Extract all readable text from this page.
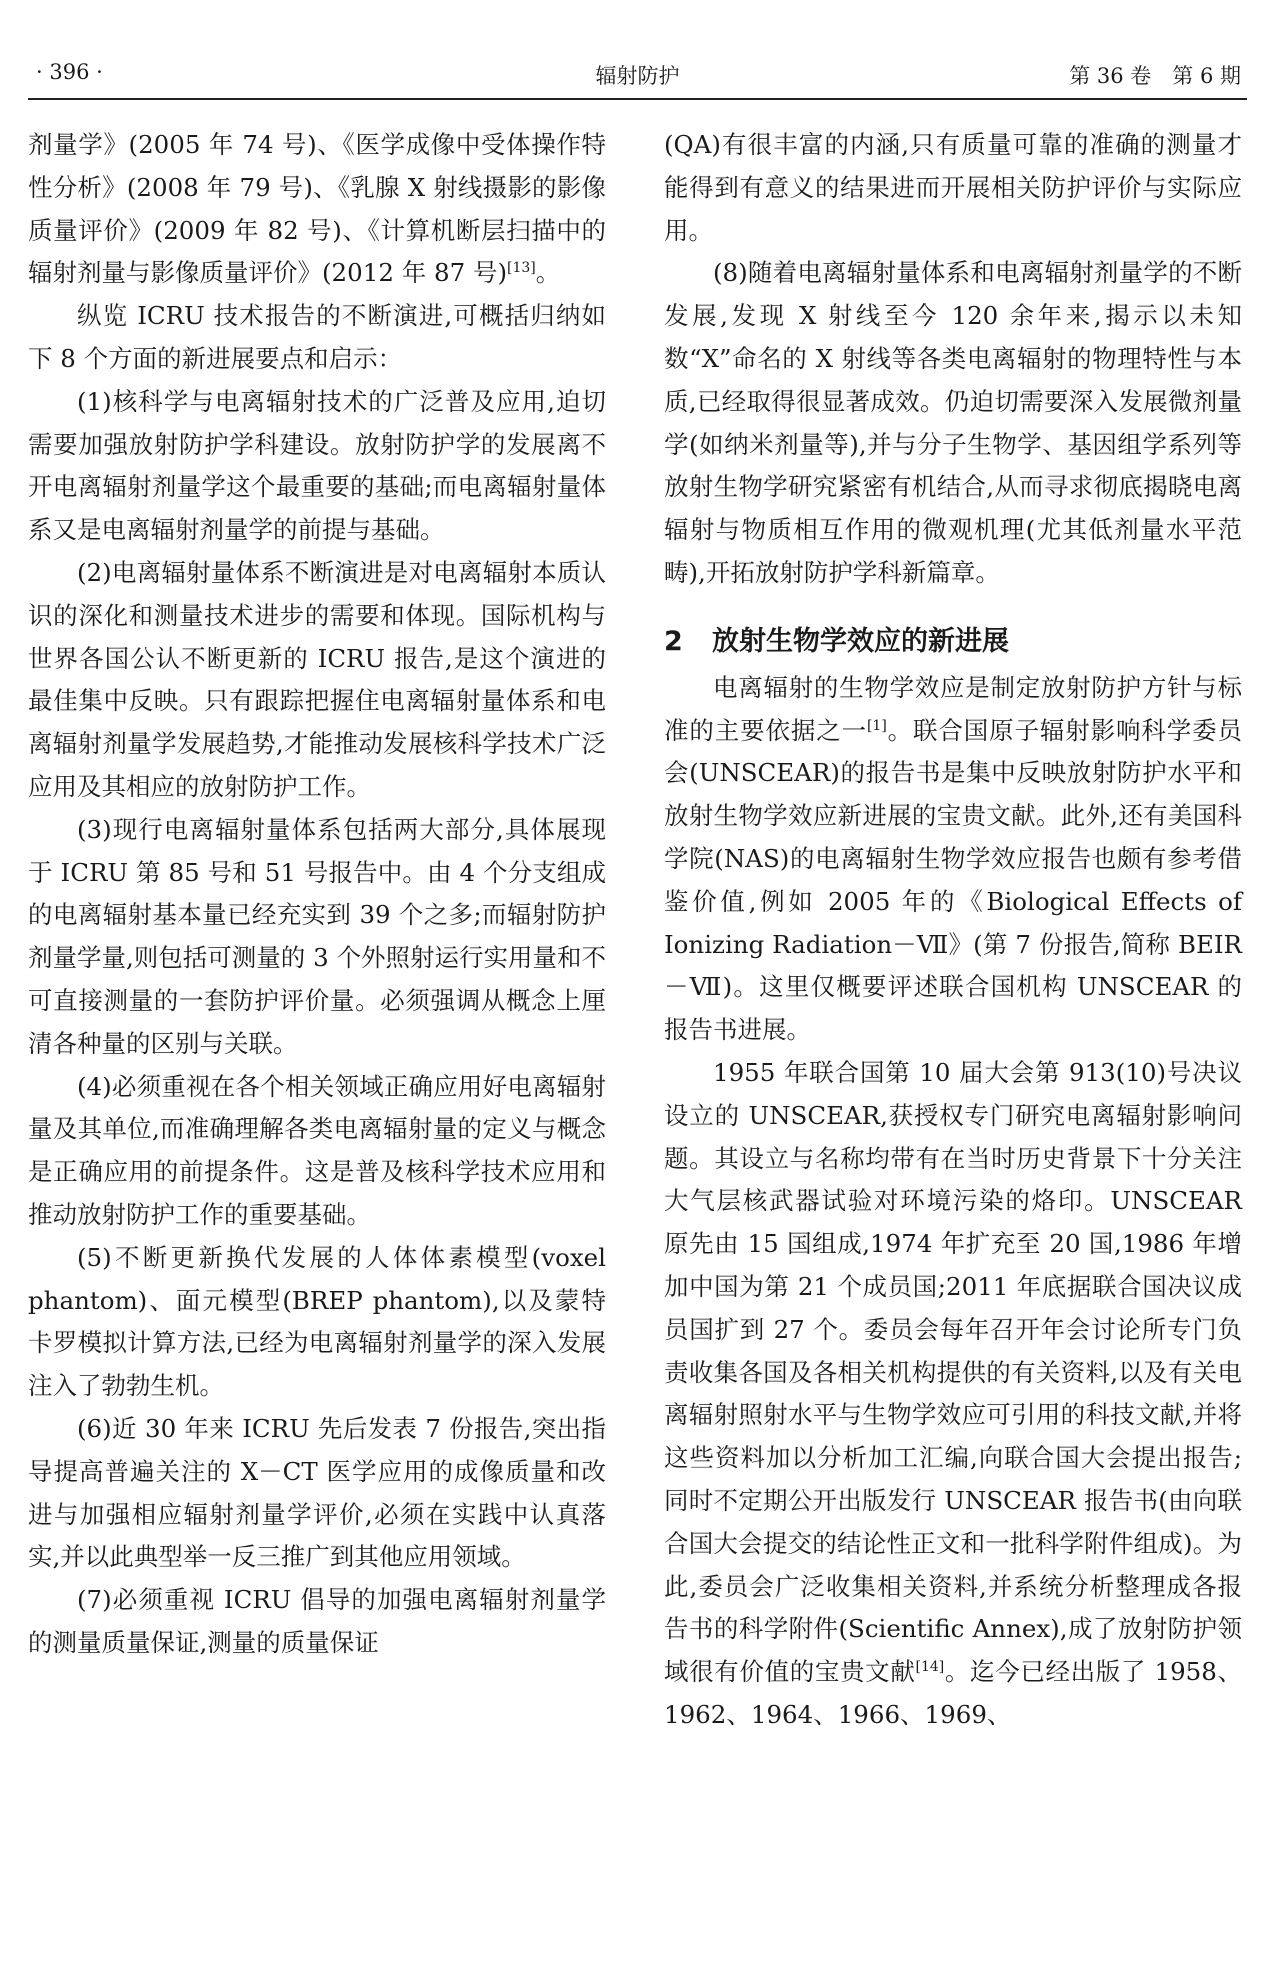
· 396 ·	辐射防护	第 36 卷　第 6 期

剂量学》(2005 年 74 号)、《医学成像中受体操作特性分析》(2008 年 79 号)、《乳腺 X 射线摄影的影像质量评价》(2009 年 82 号)、《计算机断层扫描中的辐射剂量与影像质量评价》(2012 年 87 号)[13]。

纵览 ICRU 技术报告的不断演进,可概括归纳如下 8 个方面的新进展要点和启示：

(1)核科学与电离辐射技术的广泛普及应用,迫切需要加强放射防护学科建设。放射防护学的发展离不开电离辐射剂量学这个最重要的基础;而电离辐射量体系又是电离辐射剂量学的前提与基础。

(2)电离辐射量体系不断演进是对电离辐射本质认识的深化和测量技术进步的需要和体现。国际机构与世界各国公认不断更新的 ICRU 报告,是这个演进的最佳集中反映。只有跟踪把握住电离辐射量体系和电离辐射剂量学发展趋势,才能推动发展核科学技术广泛应用及其相应的放射防护工作。

(3)现行电离辐射量体系包括两大部分,具体展现于 ICRU 第 85 号和 51 号报告中。由 4 个分支组成的电离辐射基本量已经充实到 39 个之多;而辐射防护剂量学量,则包括可测量的 3 个外照射运行实用量和不可直接测量的一套防护评价量。必须强调从概念上厘清各种量的区别与关联。

(4)必须重视在各个相关领域正确应用好电离辐射量及其单位,而准确理解各类电离辐射量的定义与概念是正确应用的前提条件。这是普及核科学技术应用和推动放射防护工作的重要基础。

(5)不断更新换代发展的人体体素模型(voxel phantom)、面元模型(BREP phantom),以及蒙特卡罗模拟计算方法,已经为电离辐射剂量学的深入发展注入了勃勃生机。

(6)近 30 年来 ICRU 先后发表 7 份报告,突出指导提高普遍关注的 X－CT 医学应用的成像质量和改进与加强相应辐射剂量学评价,必须在实践中认真落实,并以此典型举一反三推广到其他应用领域。

(7)必须重视 ICRU 倡导的加强电离辐射剂量学的测量质量保证,测量的质量保证

(QA)有很丰富的内涵,只有质量可靠的准确的测量才能得到有意义的结果进而开展相关防护评价与实际应用。

(8)随着电离辐射量体系和电离辐射剂量学的不断发展,发现 X 射线至今 120 余年来,揭示以未知数“X”命名的 X 射线等各类电离辐射的物理特性与本质,已经取得很显著成效。仍迫切需要深入发展微剂量学(如纳米剂量等),并与分子生物学、基因组学系列等放射生物学研究紧密有机结合,从而寻求彻底揭晓电离辐射与物质相互作用的微观机理(尤其低剂量水平范畴),开拓放射防护学科新篇章。

2 放射生物学效应的新进展

电离辐射的生物学效应是制定放射防护方针与标准的主要依据之一[1]。联合国原子辐射影响科学委员会(UNSCEAR)的报告书是集中反映放射防护水平和放射生物学效应新进展的宝贵文献。此外,还有美国科学院(NAS)的电离辐射生物学效应报告也颇有参考借鉴价值,例如 2005 年的《Biological Effects of Ionizing Radiation－Ⅶ》(第 7 份报告,简称 BEIR－Ⅶ)。这里仅概要评述联合国机构 UNSCEAR 的报告书进展。

1955 年联合国第 10 届大会第 913(10)号决议设立的 UNSCEAR,获授权专门研究电离辐射影响问题。其设立与名称均带有在当时历史背景下十分关注大气层核武器试验对环境污染的烙印。UNSCEAR 原先由 15 国组成,1974 年扩充至 20 国,1986 年增加中国为第 21 个成员国;2011 年底据联合国决议成员国扩到 27 个。委员会每年召开年会讨论所专门负责收集各国及各相关机构提供的有关资料,以及有关电离辐射照射水平与生物学效应可引用的科技文献,并将这些资料加以分析加工汇编,向联合国大会提出报告;同时不定期公开出版发行 UNSCEAR 报告书(由向联合国大会提交的结论性正文和一批科学附件组成)。为此,委员会广泛收集相关资料,并系统分析整理成各报告书的科学附件(Scientific Annex),成了放射防护领域很有价值的宝贵文献[14]。迄今已经出版了 1958、1962、1964、1966、1969、
